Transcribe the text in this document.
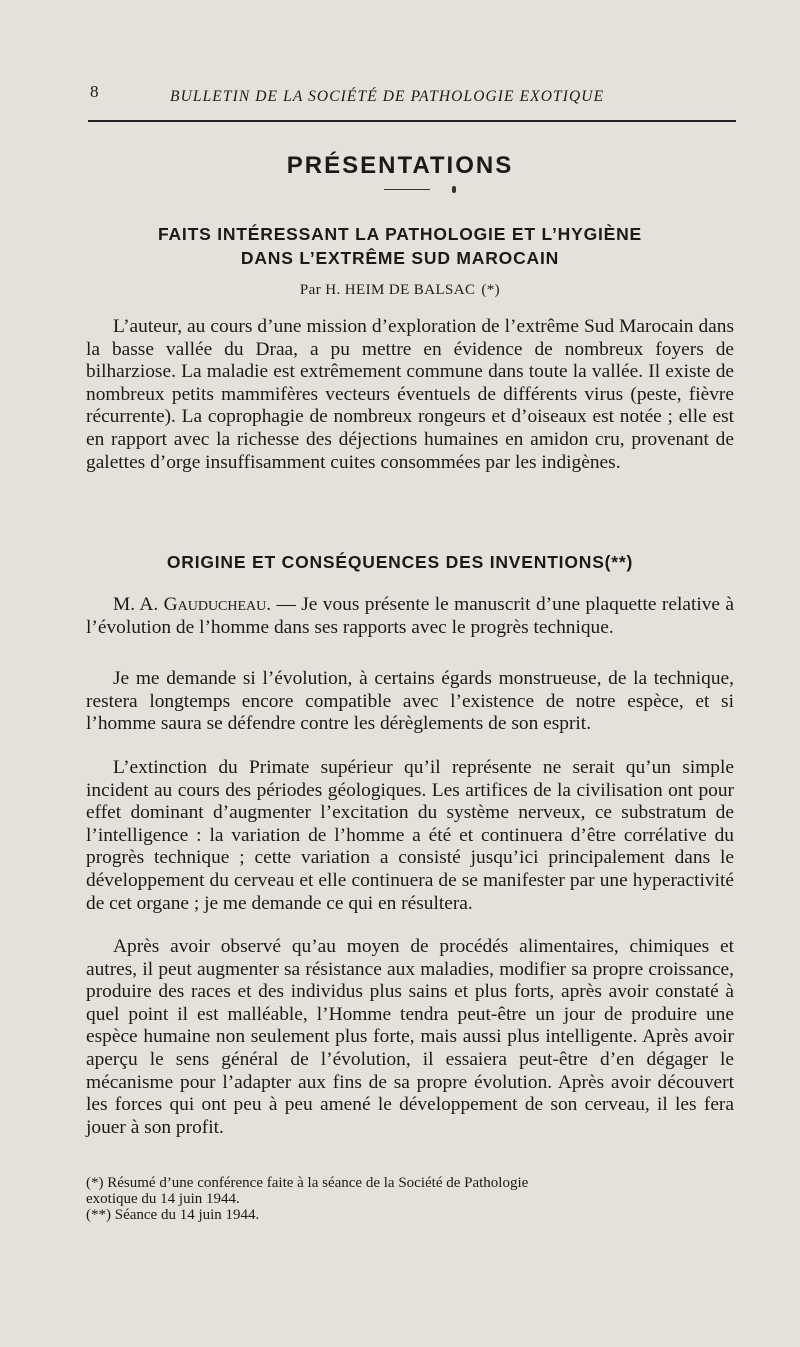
8	BULLETIN DE LA SOCIÉTÉ DE PATHOLOGIE EXOTIQUE
PRÉSENTATIONS
FAITS INTÉRESSANT LA PATHOLOGIE ET L’HYGIÈNE
DANS L’EXTRÊME SUD MAROCAIN
Par H. HEIM DE BALSAC (*)

L’auteur, au cours d’une mission d’exploration de l’extrême Sud Marocain dans la basse vallée du Draa, a pu mettre en évidence de nombreux foyers de bilharziose. La maladie est extrêmement commune dans toute la vallée. Il existe de nombreux petits mammifères vecteurs éventuels de différents virus (peste, fièvre récurrente). La coprophagie de nombreux rongeurs et d’oiseaux est notée ; elle est en rapport avec la richesse des déjections humaines en amidon cru, provenant de galettes d’orge insuffisamment cuites consommées par les indigènes.

ORIGINE ET CONSÉQUENCES DES INVENTIONS(**)

M. A. Gauducheau. — Je vous présente le manuscrit d’une plaquette relative à l’évolution de l’homme dans ses rapports avec le progrès technique.

Je me demande si l’évolution, à certains égards monstrueuse, de la technique, restera longtemps encore compatible avec l’existence de notre espèce, et si l’homme saura se défendre contre les dérèglements de son esprit.

L’extinction du Primate supérieur qu’il représente ne serait qu’un simple incident au cours des périodes géologiques. Les artifices de la civilisation ont pour effet dominant d’augmenter l’excitation du système nerveux, ce substratum de l’intelligence : la variation de l’homme a été et continuera d’être corrélative du progrès technique ; cette variation a consisté jusqu’ici principalement dans le développement du cerveau et elle continuera de se manifester par une hyperactivité de cet organe ; je me demande ce qui en résultera.

Après avoir observé qu’au moyen de procédés alimentaires, chimiques et autres, il peut augmenter sa résistance aux maladies, modifier sa propre croissance, produire des races et des individus plus sains et plus forts, après avoir constaté à quel point il est malléable, l’Homme tendra peut-être un jour de produire une espèce humaine non seulement plus forte, mais aussi plus intelligente. Après avoir aperçu le sens général de l’évolution, il essaiera peut-être d’en dégager le mécanisme pour l’adapter aux fins de sa propre évolution. Après avoir découvert les forces qui ont peu à peu amené le développement de son cerveau, il les fera jouer à son profit.

(*) Résumé d’une conférence faite à la séance de la Société de Pathologie
exotique du 14 juin 1944.
(**) Séance du 14 juin 1944.
